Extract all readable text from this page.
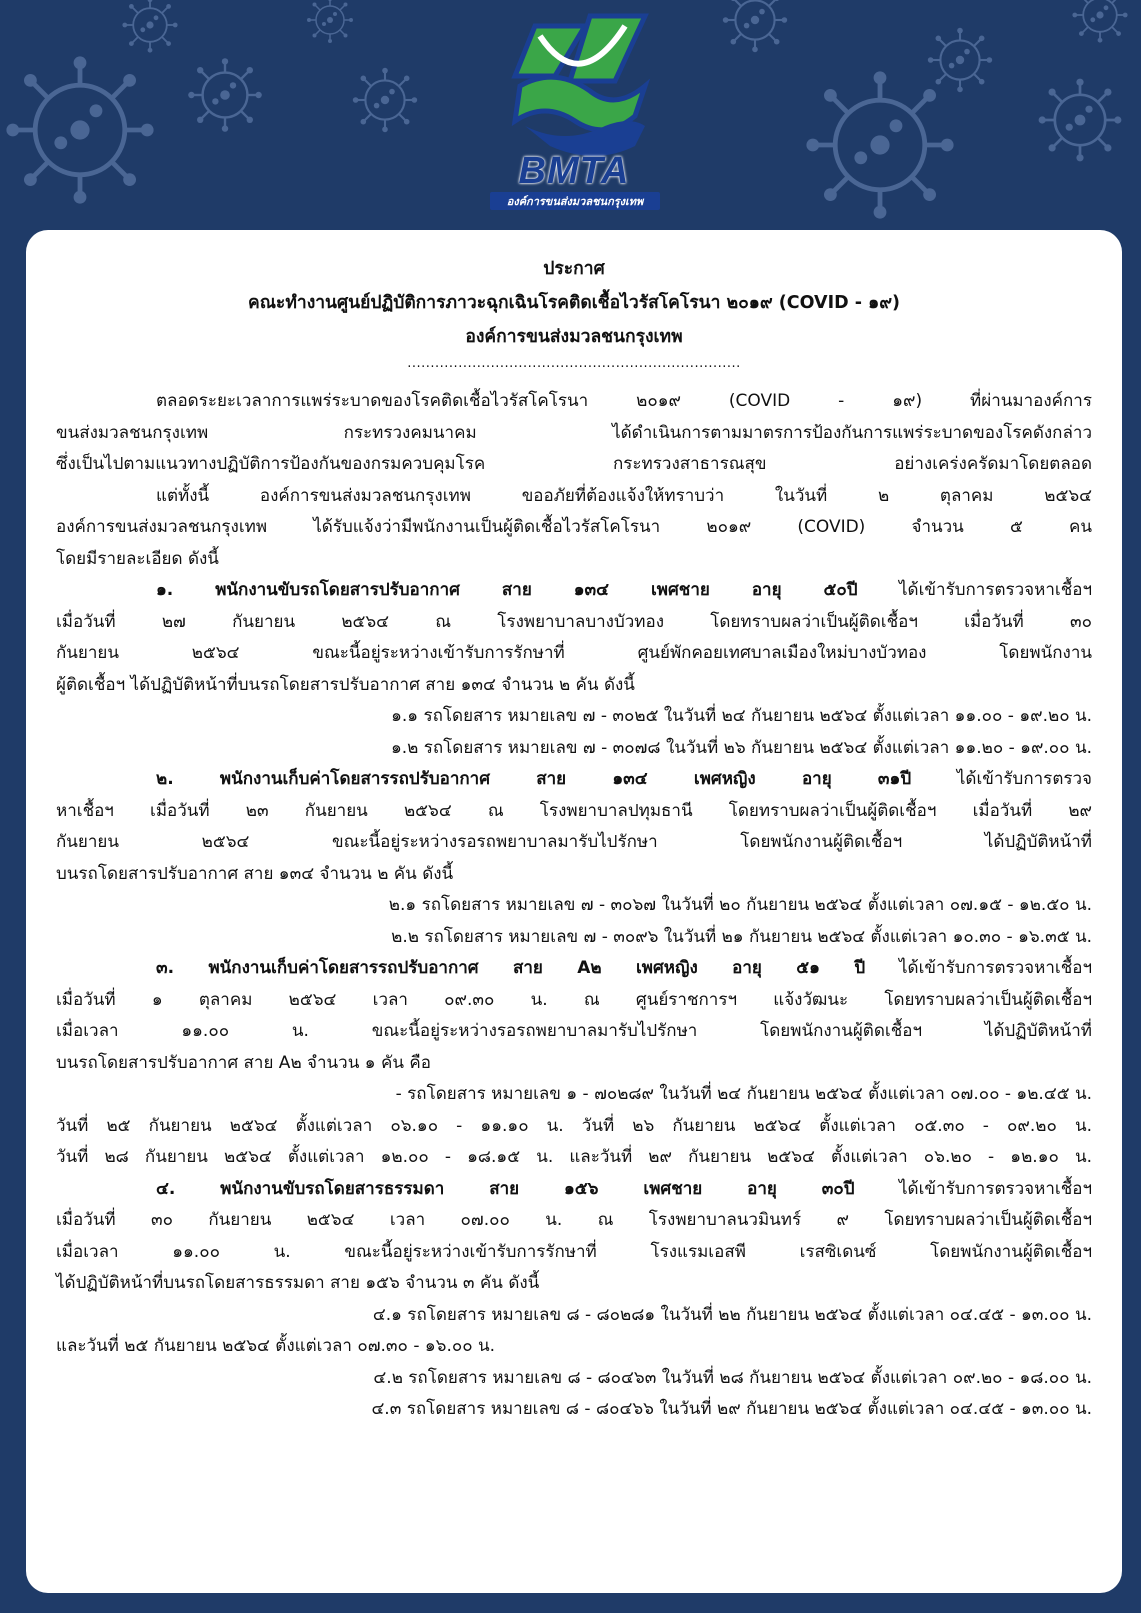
BMTA
องค์การขนส่งมวลชนกรุงเทพ
ประกาศ
คณะทำงานศูนย์ปฏิบัติการภาวะฉุกเฉินโรคติดเชื้อไวรัสโคโรนา ๒๐๑๙ (COVID - ๑๙)
องค์การขนส่งมวลชนกรุงเทพ
........................................................................

ตลอดระยะเวลาการแพร่ระบาดของโรคติดเชื้อไวรัสโคโรนา ๒๐๑๙ (COVID - ๑๙) ที่ผ่านมาองค์การ

ขนส่งมวลชนกรุงเทพ กระทรวงคมนาคม ได้ดำเนินการตามมาตรการป้องกันการแพร่ระบาดของโรคดังกล่าว

ซึ่งเป็นไปตามแนวทางปฏิบัติการป้องกันของกรมควบคุมโรค กระทรวงสาธารณสุข อย่างเคร่งครัดมาโดยตลอด

แต่ทั้งนี้ องค์การขนส่งมวลชนกรุงเทพ ขออภัยที่ต้องแจ้งให้ทราบว่า ในวันที่ ๒ ตุลาคม ๒๕๖๔

องค์การขนส่งมวลชนกรุงเทพ ได้รับแจ้งว่ามีพนักงานเป็นผู้ติดเชื้อไวรัสโคโรนา ๒๐๑๙ (COVID) จำนวน ๕ คน

โดยมีรายละเอียด ดังนี้

๑. พนักงานขับรถโดยสารปรับอากาศ สาย ๑๓๔ เพศชาย อายุ ๕๐ปี ได้เข้ารับการตรวจหาเชื้อฯ

เมื่อวันที่ ๒๗ กันยายน ๒๕๖๔ ณ โรงพยาบาลบางบัวทอง โดยทราบผลว่าเป็นผู้ติดเชื้อฯ เมื่อวันที่ ๓๐

กันยายน ๒๕๖๔ ขณะนี้อยู่ระหว่างเข้ารับการรักษาที่ ศูนย์พักคอยเทศบาลเมืองใหม่บางบัวทอง โดยพนักงาน

ผู้ติดเชื้อฯ ได้ปฏิบัติหน้าที่บนรถโดยสารปรับอากาศ สาย ๑๓๔ จำนวน ๒ คัน ดังนี้

๑.๑ รถโดยสาร หมายเลข ๗ - ๓๐๒๕ ในวันที่ ๒๔ กันยายน ๒๕๖๔ ตั้งแต่เวลา ๑๑.๐๐ - ๑๙.๒๐ น.

๑.๒ รถโดยสาร หมายเลข ๗ - ๓๐๗๘ ในวันที่ ๒๖ กันยายน ๒๕๖๔ ตั้งแต่เวลา ๑๑.๒๐ - ๑๙.๐๐ น.

๒. พนักงานเก็บค่าโดยสารรถปรับอากาศ สาย ๑๓๔ เพศหญิง อายุ ๓๑ปี ได้เข้ารับการตรวจ

หาเชื้อฯ เมื่อวันที่ ๒๓ กันยายน ๒๕๖๔ ณ โรงพยาบาลปทุมธานี โดยทราบผลว่าเป็นผู้ติดเชื้อฯ เมื่อวันที่ ๒๙

กันยายน ๒๕๖๔ ขณะนี้อยู่ระหว่างรอรถพยาบาลมารับไปรักษา โดยพนักงานผู้ติดเชื้อฯ ได้ปฏิบัติหน้าที่

บนรถโดยสารปรับอากาศ สาย ๑๓๔ จำนวน ๒ คัน ดังนี้

๒.๑ รถโดยสาร หมายเลข ๗ - ๓๐๖๗ ในวันที่ ๒๐ กันยายน ๒๕๖๔ ตั้งแต่เวลา ๐๗.๑๕ - ๑๒.๕๐ น.

๒.๒ รถโดยสาร หมายเลข ๗ - ๓๐๙๖ ในวันที่ ๒๑ กันยายน ๒๕๖๔ ตั้งแต่เวลา ๑๐.๓๐ - ๑๖.๓๕ น.

๓. พนักงานเก็บค่าโดยสารรถปรับอากาศ สาย A๒ เพศหญิง อายุ ๕๑ ปี ได้เข้ารับการตรวจหาเชื้อฯ

เมื่อวันที่ ๑ ตุลาคม ๒๕๖๔ เวลา ๐๙.๓๐ น. ณ ศูนย์ราชการฯ แจ้งวัฒนะ โดยทราบผลว่าเป็นผู้ติดเชื้อฯ

เมื่อเวลา ๑๑.๐๐ น. ขณะนี้อยู่ระหว่างรอรถพยาบาลมารับไปรักษา โดยพนักงานผู้ติดเชื้อฯ ได้ปฏิบัติหน้าที่

บนรถโดยสารปรับอากาศ สาย A๒ จำนวน ๑ คัน คือ

- รถโดยสาร หมายเลข ๑ - ๗๐๒๘๙ ในวันที่ ๒๔ กันยายน ๒๕๖๔ ตั้งแต่เวลา ๐๗.๐๐ - ๑๒.๔๕ น.

วันที่ ๒๕ กันยายน ๒๕๖๔ ตั้งแต่เวลา ๐๖.๑๐ - ๑๑.๑๐ น. วันที่ ๒๖ กันยายน ๒๕๖๔ ตั้งแต่เวลา ๐๕.๓๐ - ๐๙.๒๐ น.

วันที่ ๒๘ กันยายน ๒๕๖๔ ตั้งแต่เวลา ๑๒.๐๐ - ๑๘.๑๕ น. และวันที่ ๒๙ กันยายน ๒๕๖๔ ตั้งแต่เวลา ๐๖.๒๐ - ๑๒.๑๐ น.

๔. พนักงานขับรถโดยสารธรรมดา สาย ๑๕๖ เพศชาย อายุ ๓๐ปี ได้เข้ารับการตรวจหาเชื้อฯ

เมื่อวันที่ ๓๐ กันยายน ๒๕๖๔ เวลา ๐๗.๐๐ น. ณ โรงพยาบาลนวมินทร์ ๙ โดยทราบผลว่าเป็นผู้ติดเชื้อฯ

เมื่อเวลา ๑๑.๐๐ น. ขณะนี้อยู่ระหว่างเข้ารับการรักษาที่ โรงแรมเอสพี เรสซิเดนซ์ โดยพนักงานผู้ติดเชื้อฯ

ได้ปฏิบัติหน้าที่บนรถโดยสารธรรมดา สาย ๑๕๖ จำนวน ๓ คัน ดังนี้

๔.๑ รถโดยสาร หมายเลข ๘ - ๘๐๒๘๑ ในวันที่ ๒๒ กันยายน ๒๕๖๔ ตั้งแต่เวลา ๐๔.๔๕ - ๑๓.๐๐ น.

และวันที่ ๒๕ กันยายน ๒๕๖๔ ตั้งแต่เวลา ๐๗.๓๐ - ๑๖.๐๐ น.

๔.๒ รถโดยสาร หมายเลข ๘ - ๘๐๔๖๓ ในวันที่ ๒๘ กันยายน ๒๕๖๔ ตั้งแต่เวลา ๐๙.๒๐ - ๑๘.๐๐ น.

๔.๓ รถโดยสาร หมายเลข ๘ - ๘๐๔๖๖ ในวันที่ ๒๙ กันยายน ๒๕๖๔ ตั้งแต่เวลา ๐๔.๔๕ - ๑๓.๐๐ น.
